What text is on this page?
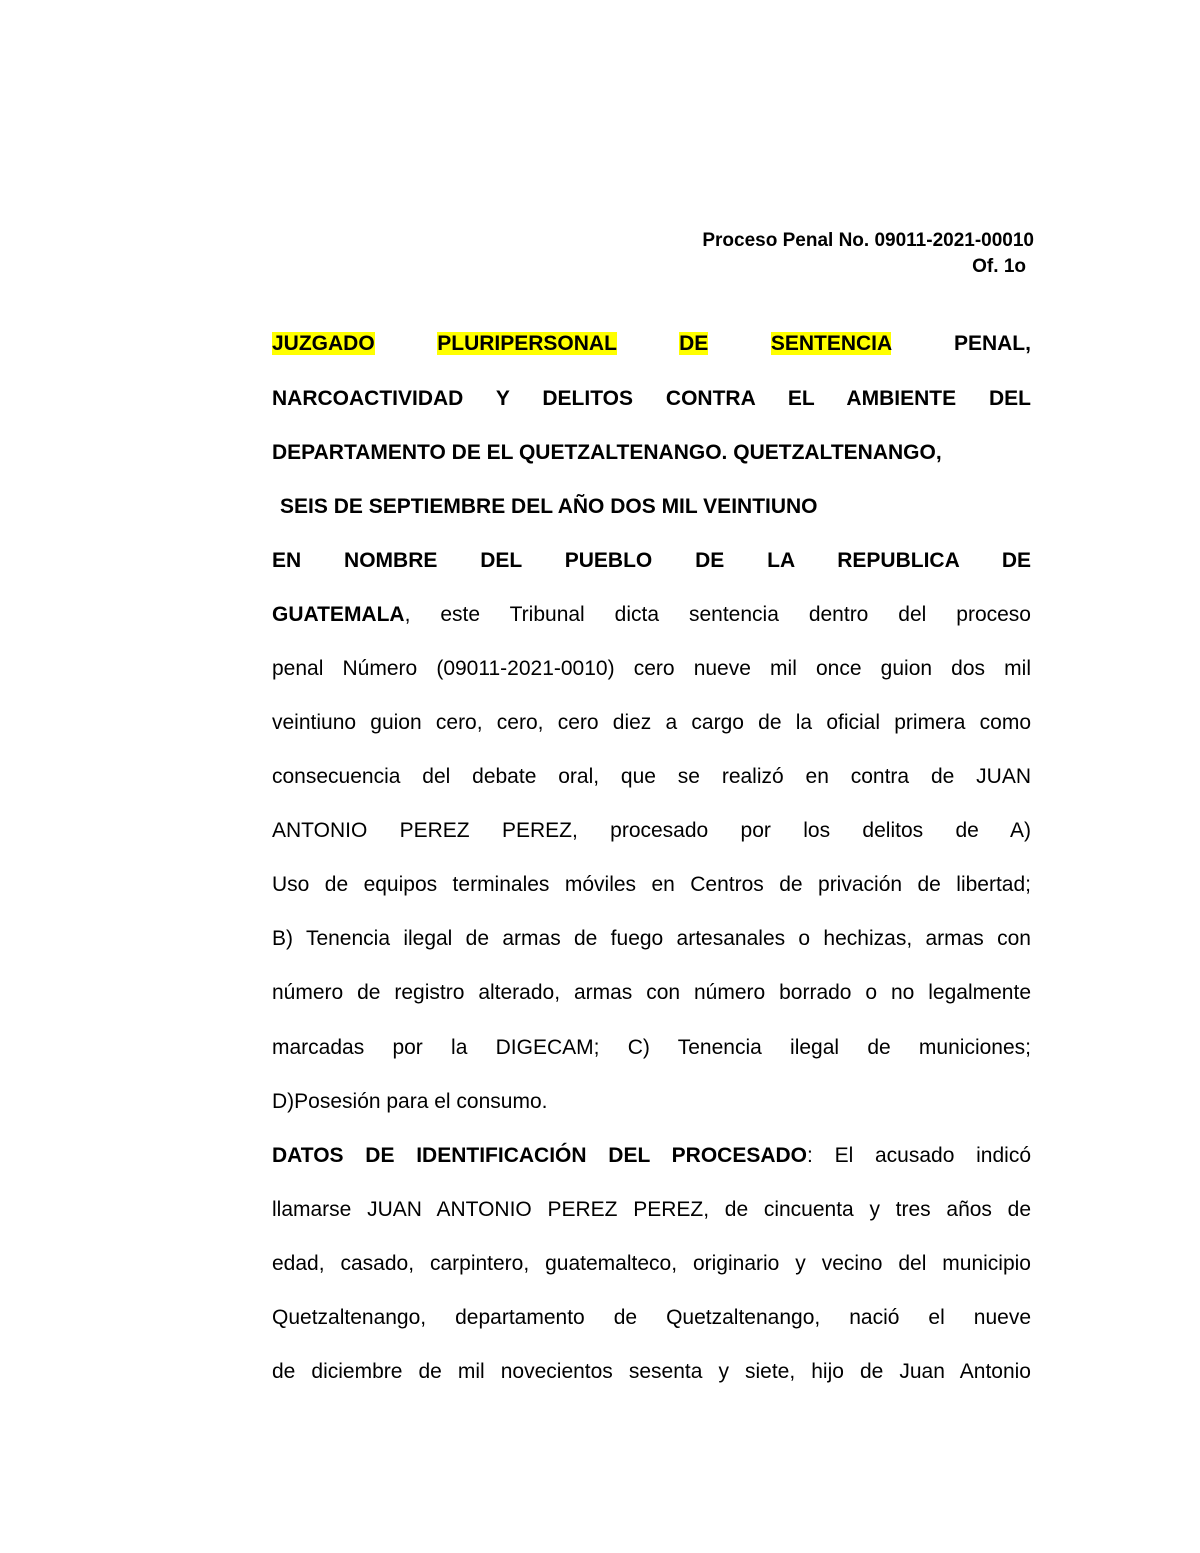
Proceso Penal No. 09011-2021-00010
Of. 1o
JUZGADO	PLURIPERSONAL	DE	SENTENCIA	PENAL,
NARCOACTIVIDAD Y DELITOS CONTRA EL AMBIENTE DEL
DEPARTAMENTO DE EL QUETZALTENANGO. QUETZALTENANGO,
SEIS DE SEPTIEMBRE DEL AÑO DOS MIL VEINTIUNO
EN NOMBRE DEL PUEBLO DE LA REPUBLICA DE
GUATEMALA, este Tribunal dicta sentencia dentro del proceso
penal Número (09011-2021-0010) cero nueve mil once guion dos mil
veintiuno guion cero, cero, cero diez a cargo de la oficial primera como
consecuencia del debate oral, que se realizó en contra de JUAN
ANTONIO PEREZ PEREZ, procesado por los delitos de A)
Uso de equipos terminales móviles en Centros de privación de libertad;
B) Tenencia ilegal de armas de fuego artesanales o hechizas, armas con
número de registro alterado, armas con número borrado o no legalmente
marcadas por la DIGECAM; C) Tenencia ilegal de municiones;
D)Posesión para el consumo.
DATOS DE IDENTIFICACIÓN DEL PROCESADO: El acusado indicó
llamarse JUAN ANTONIO PEREZ PEREZ, de cincuenta y tres años de
edad, casado, carpintero, guatemalteco, originario y vecino del municipio
Quetzaltenango, departamento de Quetzaltenango, nació el nueve
de diciembre de mil novecientos sesenta y siete, hijo de Juan Antonio
